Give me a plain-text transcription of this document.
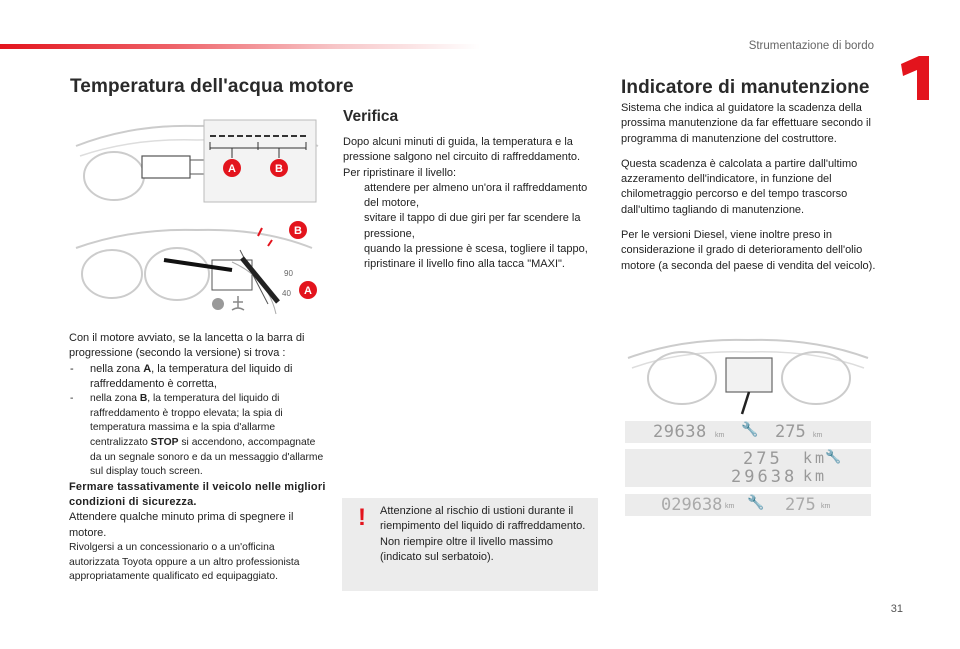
Strumentazione di bordo
31
Temperatura dell'acqua motore
A	B
90
40
B
A

Con il motore avviato, se la lancetta o la barra di progressione (secondo la versione) si trova :

- nella zona A, la temperatura del liquido di raffreddamento è corretta,

- nella zona B, la temperatura del liquido di raffreddamento è troppo elevata; la spia di temperatura massima e la spia d'allarme centralizzato STOP si accendono, accompagnate da un segnale sonoro e da un messaggio d'allarme sul display touch screen.

Fermare tassativamente il veicolo nelle migliori condizioni di sicurezza.

Attendere qualche minuto prima di spegnere il motore.

Rivolgersi a un concessionario o a un'officina autorizzata Toyota oppure a un altro professionista appropriatamente qualificato ed equipaggiato.

Verifica

Dopo alcuni minuti di guida, la temperatura e la pressione salgono nel circuito di raffreddamento.

Per ripristinare il livello:

attendere per almeno un'ora il raffreddamento del motore,

svitare il tappo di due giri per far scendere la pressione,

quando la pressione è scesa, togliere il tappo,

ripristinare il livello fino alla tacca "MAXI".

! Attenzione al rischio di ustioni durante il riempimento del liquido di raffreddamento. Non riempire oltre il livello massimo (indicato sul serbatoio).
Indicatore di manutenzione

Sistema che indica al guidatore la scadenza della prossima manutenzione da far effettuare secondo il programma di manutenzione del costruttore.

Questa scadenza è calcolata a partire dall'ultimo azzeramento dell'indicatore, in funzione del chilometraggio percorso e del tempo trascorso dall'ultimo tagliando di manutenzione.

Per le versioni Diesel, viene inoltre preso in considerazione il grado di deterioramento dell'olio motore (a seconda del paese di vendita del veicolo).

29638 km 🔧 275 km
275 km
🔧
29638 km
029638 km 🔧 275 km
